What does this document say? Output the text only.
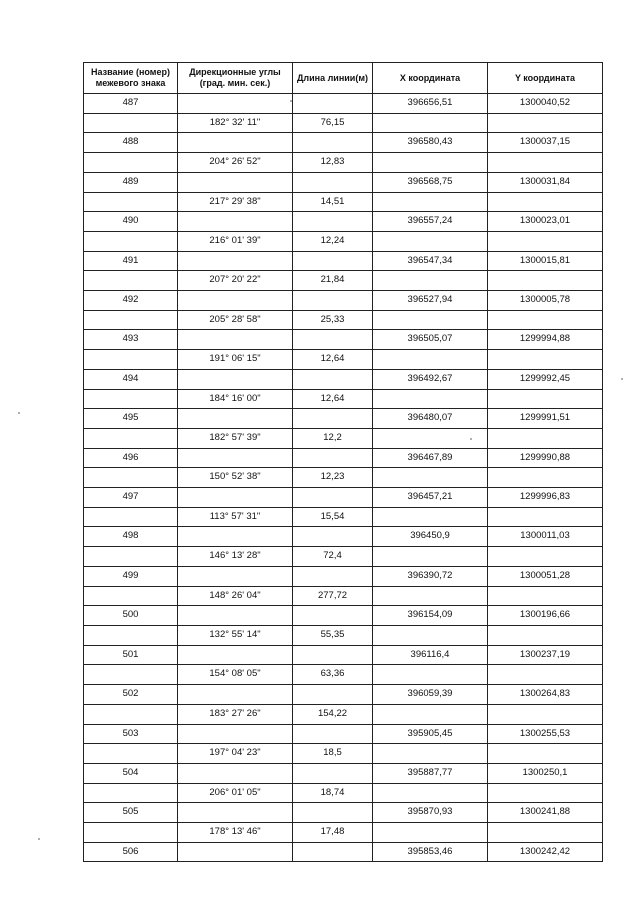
Название (номер) межевого знака	Дирекционные углы (град. мин. сек.)	Длина линии(м)	X координата	Y координата
487			396656,51	1300040,52
	182° 32' 11"	76,15		
488			396580,43	1300037,15
	204° 26' 52"	12,83		
489			396568,75	1300031,84
	217° 29' 38"	14,51		
490			396557,24	1300023,01
	216° 01' 39"	12,24		
491			396547,34	1300015,81
	207° 20' 22"	21,84		
492			396527,94	1300005,78
	205° 28' 58"	25,33		
493			396505,07	1299994,88
	191° 06' 15"	12,64		
494			396492,67	1299992,45
	184° 16' 00"	12,64		
495			396480,07	1299991,51
	182° 57' 39"	12,2		
496			396467,89	1299990,88
	150° 52' 38"	12,23		
497			396457,21	1299996,83
	113° 57' 31"	15,54		
498			396450,9	1300011,03
	146° 13' 28"	72,4		
499			396390,72	1300051,28
	148° 26' 04"	277,72		
500			396154,09	1300196,66
	132° 55' 14"	55,35		
501			396116,4	1300237,19
	154° 08' 05"	63,36		
502			396059,39	1300264,83
	183° 27' 26"	154,22		
503			395905,45	1300255,53
	197° 04' 23"	18,5		
504			395887,77	1300250,1
	206° 01' 05"	18,74		
505			395870,93	1300241,88
	178° 13' 46"	17,48		
506			395853,46	1300242,42
